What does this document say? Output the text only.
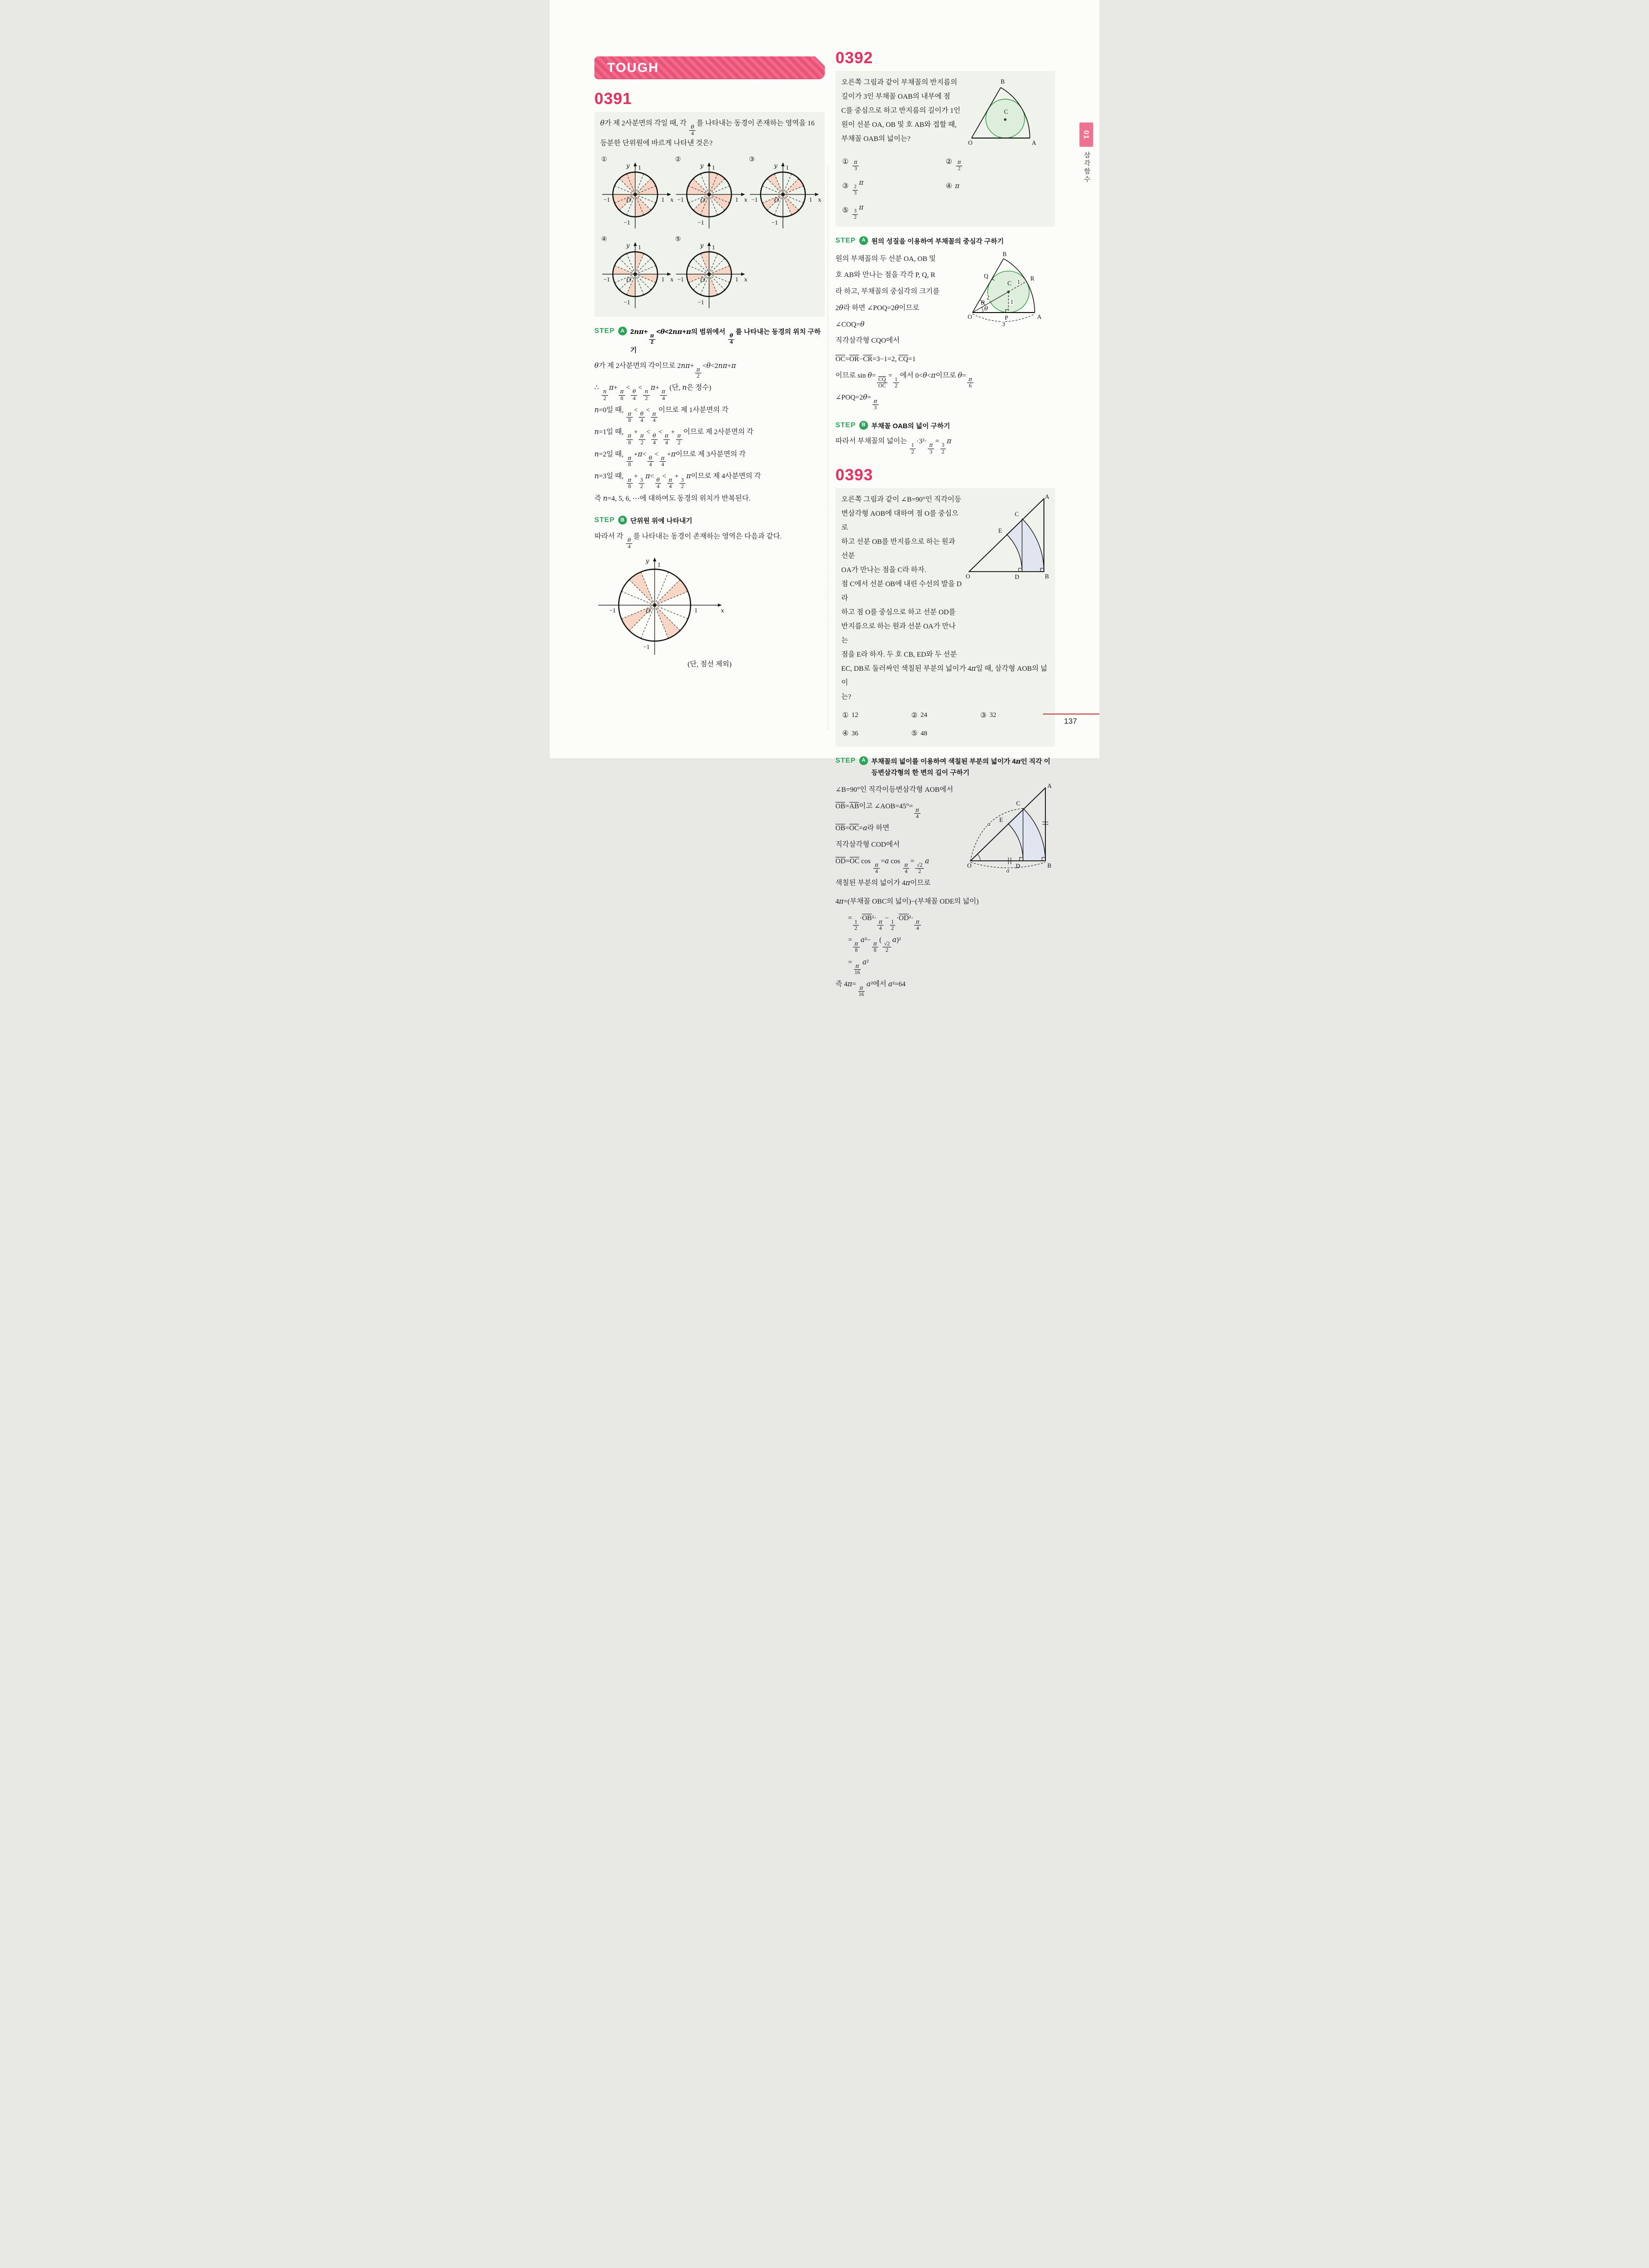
TOUGH
0391
θ가 제 2사분면의 각일 때, 각
$\frac{\theta}{4}$
를 나타내는 동경이 존재하는 영역을 16
등분한 단위원에 바르게 나타낸 것은?
①
y 1
−1	1 x
O
−1
②
y 1
−1	1 x
O
−1
③
y 1
−1	1 x
O
−1
④
y 1
−1	1 x
O
−1
⑤
y 1
−1	1 x
O
−1
STEP	A 2nπ+
$\frac{\pi}{2}$
<θ<2nπ+π의 범위에서
$\frac{\theta}{4}$
를 나타내는 동경의 위치 구하기
θ가 제 2사분면의 각이므로 2nπ+
$\frac{\pi}{2}$
<θ<2nπ+π
∴
$\frac{n}{2}$
π+
$\frac{\pi}{8}$
<
$\frac{\theta}{4}$
<
$\frac{n}{2}$
π+
$\frac{\pi}{4}$
(단, n은 정수)
n=0일 때,
$\frac{\pi}{8}$
<
$\frac{\theta}{4}$
<
$\frac{\pi}{4}$
이므로 제 1사분면의 각
n=1일 때,
$\frac{\pi}{8}$
+
$\frac{\pi}{2}$
<
$\frac{\theta}{4}$
<
$\frac{\pi}{4}$
+
$\frac{\pi}{2}$
이므로 제 2사분면의 각
n=2일 때,
$\frac{\pi}{8}$
+π<
$\frac{\theta}{4}$
<
$\frac{\pi}{4}$
+π이므로 제 3사분면의 각
n=3일 때,
$\frac{\pi}{8}$
+
$\frac{3}{2}$
π<
$\frac{\theta}{4}$
<
$\frac{\pi}{4}$
+
$\frac{3}{2}$
π이므로 제 4사분면의 각
즉 n=4, 5, 6, ⋯에 대하여도 동경의 위치가 반복된다.
STEP	B 단위원 위에 나타내기
따라서 각
$\frac{\theta}{4}$
를 나타내는 동경이 존재하는 영역은 다음과 같다.
y
1
−1	1	x
O
−1
(단, 점선 제외)
0392
오른쪽 그림과 같이 부채꼴의 반지름의
길이가 3인 부채꼴 OAB의 내부에 점
C를 중심으로 하고 반지름의 길이가 1인
원이 선분 OA, OB 및 호 AB와 접할 때,
부채꼴 OAB의 넓이는?
C
B
O	A
① $\frac{\pi}{3}$	② $\frac{\pi}{2}$
③ $\frac{2}{3}$
π	④ π
⑤ $\frac{3}{2}$
π
STEP	A 원의 성질을 이용하여 부채꼴의 중심각 구하기
원의 부채꼴의 두 선분 OA, OB 및
호 AB와 만나는 점을 각각 P, Q, R
라 하고, 부채꼴의 중심각의 크기를
2θ라 하면 ∠POQ=2θ이므로
∠COQ=θ
직각삼각형 CQO에서
C
B
O	A
Q	R
P
1
2
1
θ
θ
3
$\overline{OC}=\overline{OR}-\overline{CR}=3-1=2$, $\overline{CQ}=1$
이므로 sin θ=
$\frac{\overline{CQ}}{OC}$
=
$\frac{1}{2}$
에서 0<θ<π이므로 θ=
$\frac{\pi}{6}$
∠POQ=2θ=
$\frac{\pi}{3}$
STEP	B 부채꼴 OAB의 넓이 구하기
따라서 부채꼴의 넓이는
$\frac{1}{2}$
·3²·
$\frac{\pi}{3}$
=
$\frac{3}{2}$
π
0393
오른쪽 그림과 같이 ∠B=90°인 직각이등
변삼각형 AOB에 대하여 점 O를 중심으로
하고 선분 OB를 반지름으로 하는 원과 선분
OA가 만나는 점을 C라 하자.
점 C에서 선분 OB에 내린 수선의 발을 D라
하고 점 O를 중심으로 하고 선분 OD를
반지름으로 하는 원과 선분 OA가 만나는
점을 E라 하자. 두 호 CB, ED와 두 선분
O	B
A
C
E
D
EC, DB로 둘러싸인 색칠된 부분의 넓이가 4π일 때, 삼각형 AOB의 넓이
는?
① 12	② 24	③ 32
④ 36	⑤ 48
STEP	A 부채꼴의 넓이를 이용하여 색칠된 부분의 넓이가 4π인 직각 이등변삼각형의 한 변의 길이 구하기
∠B=90°인 직각이등변삼각형 AOB에서
$\overline{OB}=\overline{AB}$이고 ∠AOB=45°=
$\frac{\pi}{4}$
$\overline{OB}=\overline{OC}=a$라 하면
직각삼각형 COD에서
$\overline{OD}=\overline{OC}$ cos
$\frac{\pi}{4}$
=a cos
$\frac{\pi}{4}$
=
$\frac{√2}{2}$
a
색칠된 부분의 넓이가 4π이므로
O	B
A
C
E
D
a
a
4π=(부채꼴 OBC의 넓이)−(부채꼴 ODE의 넓이)
=
$\frac{1}{2}$
$\cdot\overline{OB}^2\cdot$
$\frac{\pi}{4}$
−
$\frac{1}{2}$
$\cdot\overline{OD}^2\cdot$
$\frac{\pi}{4}$
=
$\frac{\pi}{8}$
a²−
$\frac{\pi}{8}$
(
$\frac{√2}{2}$
a)²
=
$\frac{\pi}{16}$
a²
즉 4π=
$\frac{\pi}{16}$
a²에서 a²=64
01
삼각함수
137
